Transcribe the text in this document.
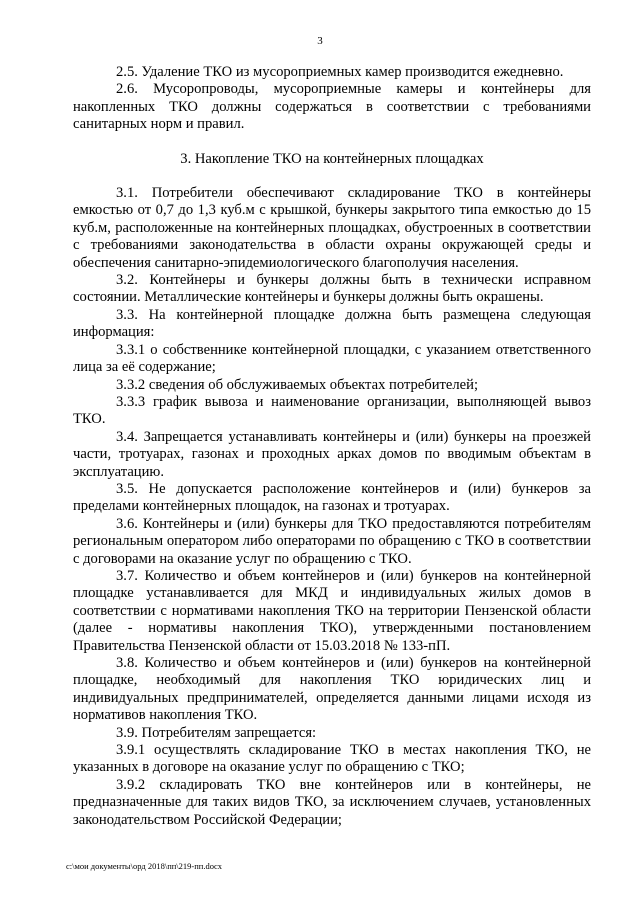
3

2.5. Удаление ТКО из мусороприемных камер производится ежедневно.

2.6. Мусоропроводы, мусороприемные камеры и контейнеры для накопленных ТКО должны содержаться в соответствии с требованиями санитарных норм и правил.

3. Накопление ТКО на контейнерных площадках

3.1. Потребители обеспечивают складирование ТКО в контейнеры емкостью от 0,7 до 1,3 куб.м с крышкой, бункеры закрытого типа емкостью до 15 куб.м, расположенные на контейнерных площадках, обустроенных в соответствии с требованиями законодательства в области охраны окружающей среды и обеспечения санитарно-эпидемиологического благополучия населения.

3.2. Контейнеры и бункеры должны быть в технически исправном состоянии. Металлические контейнеры и бункеры должны быть окрашены.

3.3. На контейнерной площадке должна быть размещена следующая информация:

3.3.1 о собственнике контейнерной площадки, с указанием ответственного лица за её содержание;

3.3.2 сведения об обслуживаемых объектах потребителей;

3.3.3 график вывоза и наименование организации, выполняющей вывоз ТКО.

3.4. Запрещается устанавливать контейнеры и (или) бункеры на проезжей части, тротуарах, газонах и проходных арках домов по вводимым объектам в эксплуатацию.

3.5. Не допускается расположение контейнеров и (или) бункеров за пределами контейнерных площадок, на газонах и тротуарах.

3.6. Контейнеры и (или) бункеры для ТКО предоставляются потребителям региональным оператором либо операторами по обращению с ТКО в соответствии с договорами на оказание услуг по обращению с ТКО.

3.7. Количество и объем контейнеров и (или) бункеров на контейнерной площадке устанавливается для МКД и индивидуальных жилых домов в соответствии с нормативами накопления ТКО на территории Пензенской области (далее - нормативы накопления ТКО), утвержденными постановлением Правительства Пензенской области от 15.03.2018 № 133-пП.

3.8. Количество и объем контейнеров и (или) бункеров на контейнерной площадке, необходимый для накопления ТКО юридических лиц и индивидуальных предпринимателей, определяется данными лицами исходя из нормативов накопления ТКО.

3.9. Потребителям запрещается:

3.9.1 осуществлять складирование ТКО в местах накопления ТКО, не указанных в договоре на оказание услуг по обращению с ТКО;

3.9.2 складировать ТКО вне контейнеров или в контейнеры, не предназначенные для таких видов ТКО, за исключением случаев, установленных законодательством Российской Федерации;

c:\мои документы\орд 2018\пп\219-пп.docx
